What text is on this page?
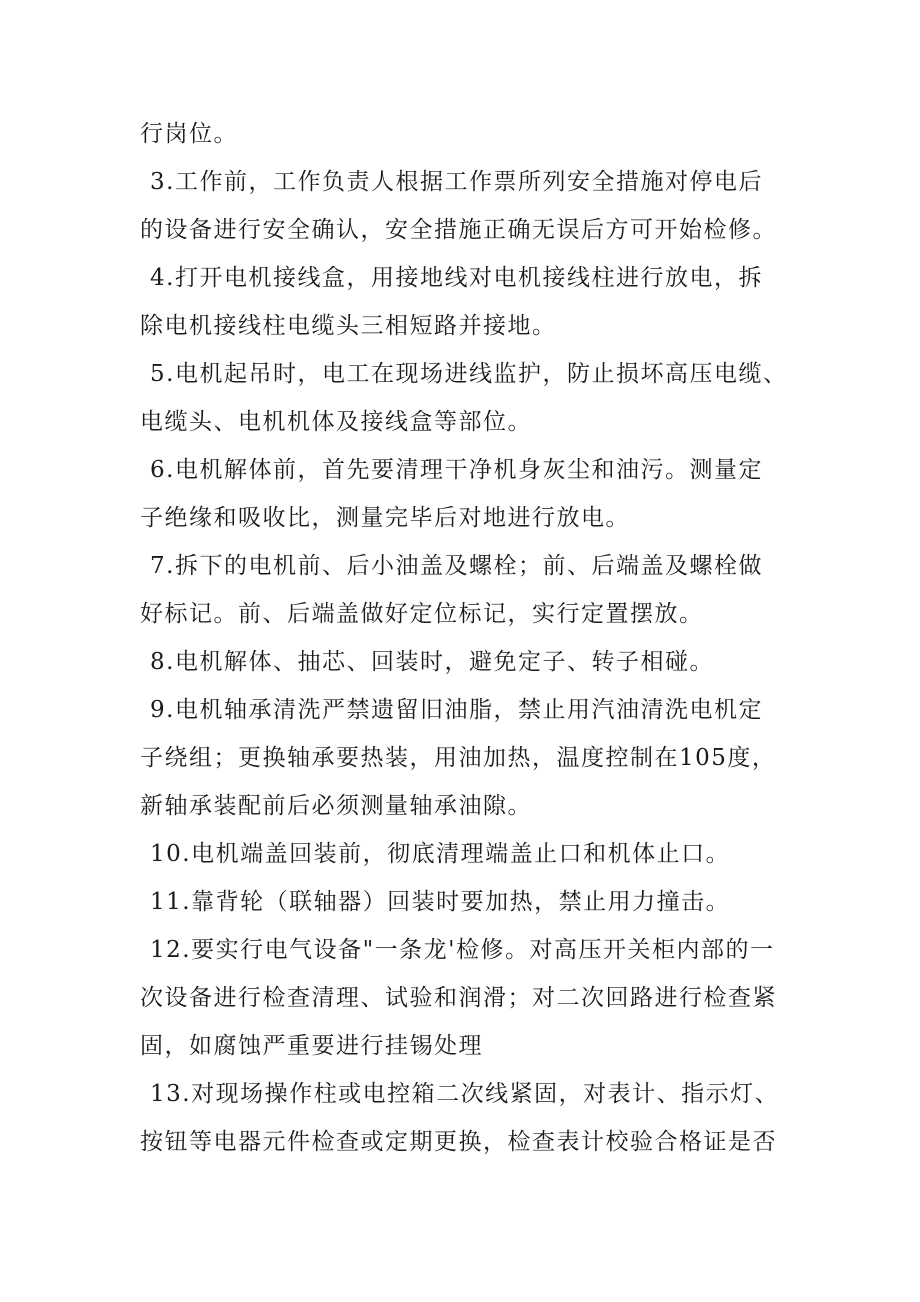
行岗位。
3.工作前，工作负责人根据工作票所列安全措施对停电后
的设备进行安全确认，安全措施正确无误后方可开始检修。
4.打开电机接线盒，用接地线对电机接线柱进行放电，拆
除电机接线柱电缆头三相短路并接地。
5.电机起吊时，电工在现场进线监护，防止损坏高压电缆、
电缆头、电机机体及接线盒等部位。
6.电机解体前，首先要清理干净机身灰尘和油污。测量定
子绝缘和吸收比，测量完毕后对地进行放电。
7.拆下的电机前、后小油盖及螺栓；前、后端盖及螺栓做
好标记。前、后端盖做好定位标记，实行定置摆放。
8.电机解体、抽芯、回装时，避免定子、转子相碰。
9.电机轴承清洗严禁遗留旧油脂，禁止用汽油清洗电机定
子绕组；更换轴承要热装，用油加热，温度控制在105度，
新轴承装配前后必须测量轴承油隙。
10.电机端盖回装前，彻底清理端盖止口和机体止口。
11.靠背轮（联轴器）回装时要加热，禁止用力撞击。
12.要实行电气设备"一条龙'检修。对高压开关柜内部的一
次设备进行检查清理、试验和润滑；对二次回路进行检查紧
固，如腐蚀严重要进行挂锡处理
13.对现场操作柱或电控箱二次线紧固，对表计、指示灯、
按钮等电器元件检查或定期更换，检查表计校验合格证是否
